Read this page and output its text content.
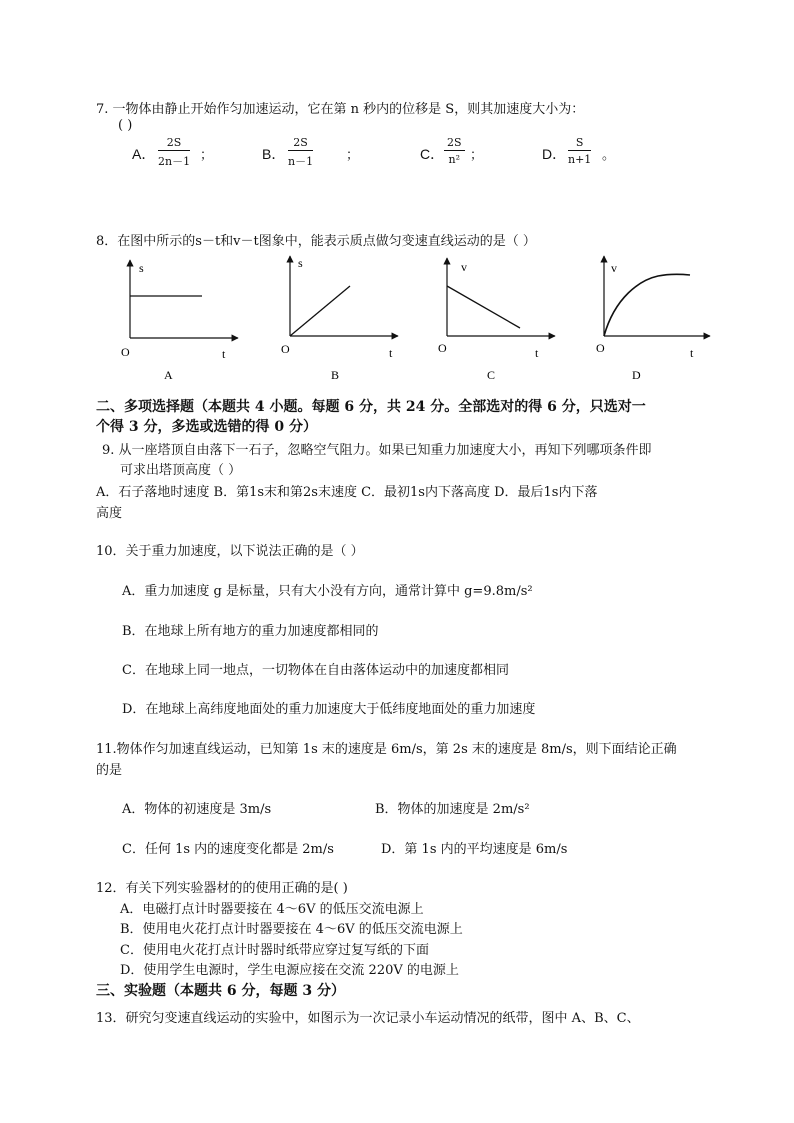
7. 一物体由静止开始作匀加速运动，它在第 n 秒内的位移是 S，则其加速度大小为：
( )
A． $\frac{2S}{2n-1}$ ；	B． $\frac{2S}{n-1}$	；	C． $\frac{2S}{\text{n²}}$ ；	D． $\frac{S}{n+1}$ 。
8．在图中所示的s－t和v－t图象中，能表示质点做匀变速直线运动的是（ ）
s
t
O
A
s
t
O
B
v
t
O
C
v
t
O
D
二、多项选择题（本题共 4 小题。每题 6 分，共 24 分。全部选对的得 6 分，只选对一
个得 3 分，多选或选错的得 0 分）
9. 从一座塔顶自由落下一石子，忽略空气阻力。如果已知重力加速度大小，再知下列哪项条件即
可求出塔顶高度（ ）
A．石子落地时速度 B．第1s末和第2s末速度 C．最初1s内下落高度 D．最后1s内下落
高度
10．关于重力加速度，以下说法正确的是（ ）
A．重力加速度 g 是标量，只有大小没有方向，通常计算中 g=9.8m/s²
B．在地球上所有地方的重力加速度都相同的
C．在地球上同一地点，一切物体在自由落体运动中的加速度都相同
D．在地球上高纬度地面处的重力加速度大于低纬度地面处的重力加速度
11.物体作匀加速直线运动，已知第 1s 末的速度是 6m/s，第 2s 末的速度是 8m/s，则下面结论正确
的是
A．物体的初速度是 3m/s	B．物体的加速度是 2m/s²
C．任何 1s 内的速度变化都是 2m/s	D．第 1s 内的平均速度是 6m/s
12．有关下列实验器材的的使用正确的是( )
A．电磁打点计时器要接在 4～6V 的低压交流电源上
B．使用电火花打点计时器要接在 4～6V 的低压交流电源上
C．使用电火花打点计时器时纸带应穿过复写纸的下面
D．使用学生电源时，学生电源应接在交流 220V 的电源上
三、实验题（本题共 6 分，每题 3 分）
13．研究匀变速直线运动的实验中，如图示为一次记录小车运动情况的纸带，图中 A、B、C、
